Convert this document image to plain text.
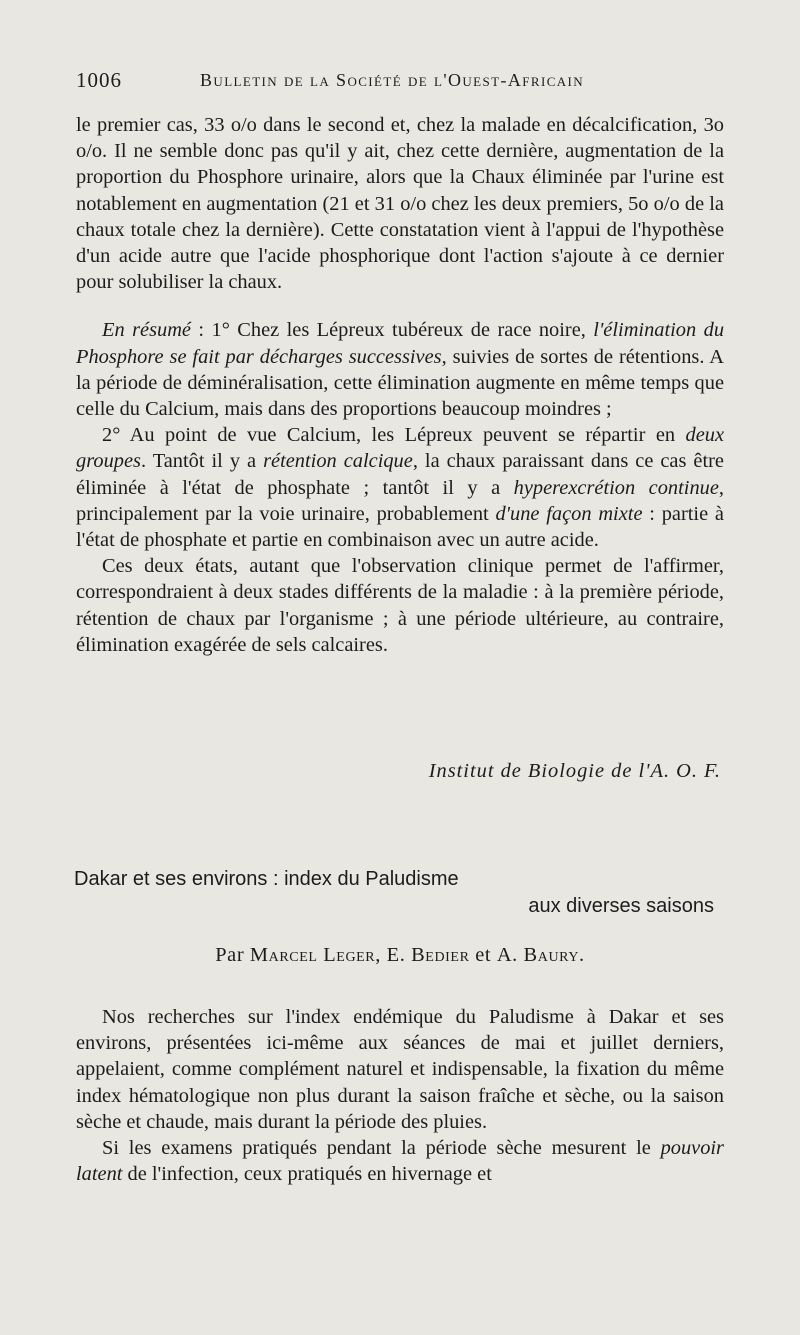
1006	Bulletin de la Société de l'Ouest-Africain

le premier cas, 33 o/o dans le second et, chez la malade en décalcification, 3o o/o. Il ne semble donc pas qu'il y ait, chez cette dernière, augmentation de la proportion du Phosphore urinaire, alors que la Chaux éliminée par l'urine est notablement en augmentation (21 et 31 o/o chez les deux premiers, 5o o/o de la chaux totale chez la dernière). Cette constatation vient à l'appui de l'hypothèse d'un acide autre que l'acide phosphorique dont l'action s'ajoute à ce dernier pour solubiliser la chaux.

En résumé : 1° Chez les Lépreux tubéreux de race noire, l'élimination du Phosphore se fait par décharges successives, suivies de sortes de rétentions. A la période de déminéralisation, cette élimination augmente en même temps que celle du Calcium, mais dans des proportions beaucoup moindres ;

2° Au point de vue Calcium, les Lépreux peuvent se répartir en deux groupes. Tantôt il y a rétention calcique, la chaux paraissant dans ce cas être éliminée à l'état de phosphate ; tantôt il y a hyperexcrétion continue, principalement par la voie urinaire, probablement d'une façon mixte : partie à l'état de phosphate et partie en combinaison avec un autre acide.

Ces deux états, autant que l'observation clinique permet de l'affirmer, correspondraient à deux stades différents de la maladie : à la première période, rétention de chaux par l'organisme ; à une période ultérieure, au contraire, élimination exagérée de sels calcaires.

Institut de Biologie de l'A. O. F.
Dakar et ses environs : index du Paludisme
aux diverses saisons
Par Marcel Leger, E. Bedier et A. Baury.

Nos recherches sur l'index endémique du Paludisme à Dakar et ses environs, présentées ici-même aux séances de mai et juillet derniers, appelaient, comme complément naturel et indispensable, la fixation du même index hématologique non plus durant la saison fraîche et sèche, ou la saison sèche et chaude, mais durant la période des pluies.

Si les examens pratiqués pendant la période sèche mesurent le pouvoir latent de l'infection, ceux pratiqués en hivernage et
